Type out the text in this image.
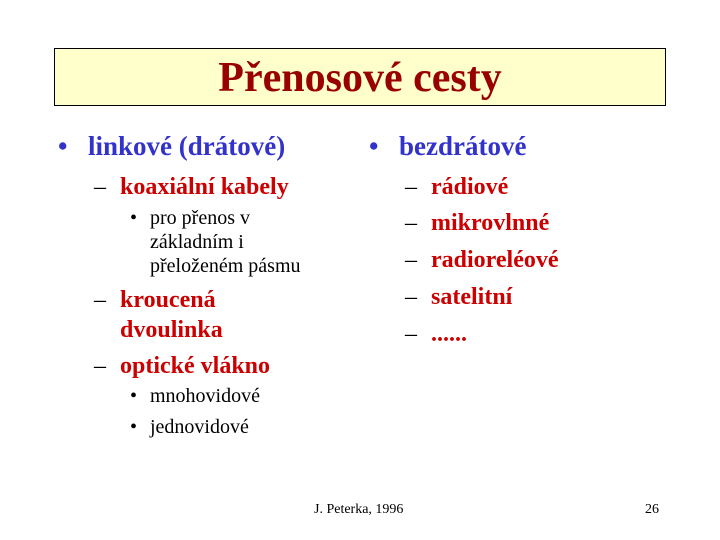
Přenosové cesty
• linkové (drátové)
– koaxiální kabely
• pro přenos v
základním i
přeloženém pásmu
– kroucená
dvoulinka
– optické vlákno
• mnohovidové
• jednovidové
• bezdrátové
– rádiové
– mikrovlnné
– radioreléové
– satelitní
– ......
J. Peterka, 1996	26
